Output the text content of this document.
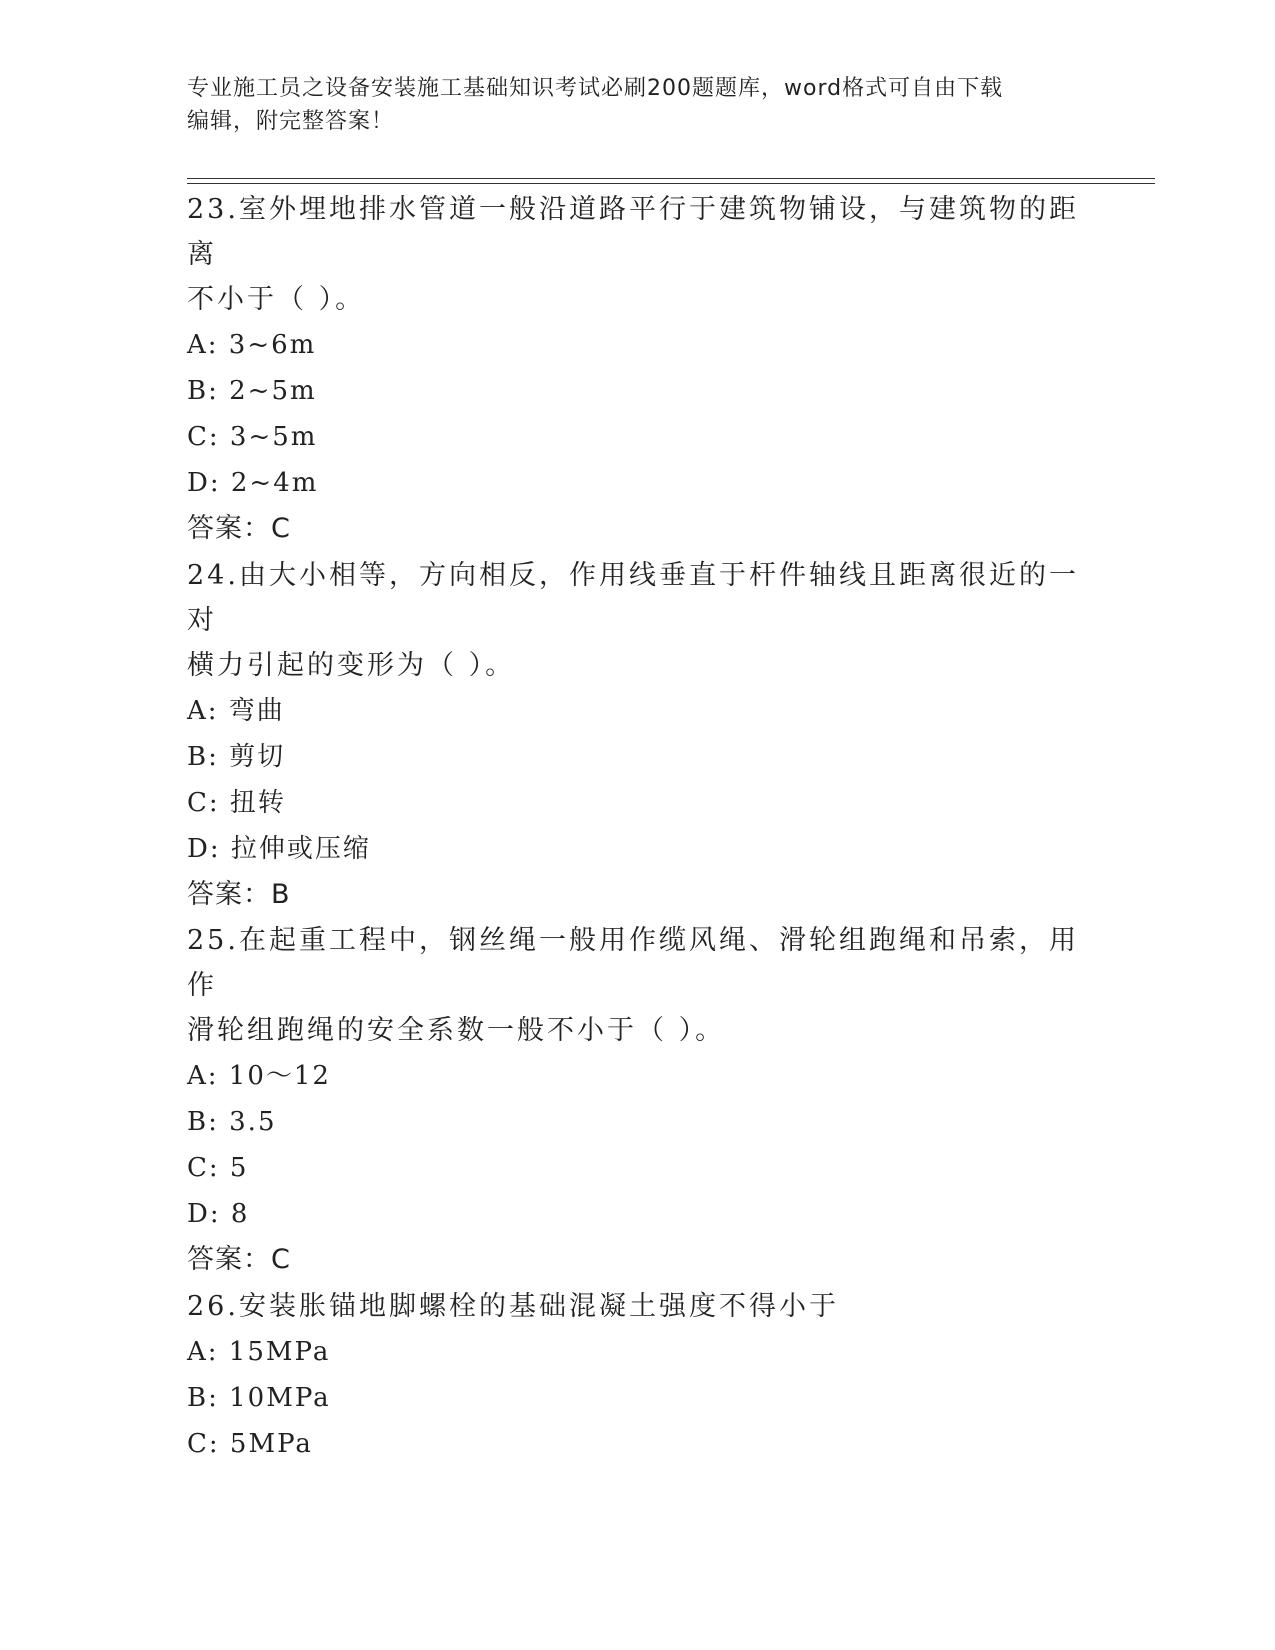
专业施工员之设备安装施工基础知识考试必刷200题题库，word格式可自由下载
编辑，附完整答案！

23.室外埋地排水管道一般沿道路平行于建筑物铺设，与建筑物的距离

不小于（ ）。

A: 3~6m

B: 2~5m

C: 3~5m

D: 2~4m

答案：C

24.由大小相等，方向相反，作用线垂直于杆件轴线且距离很近的一对

横力引起的变形为（ ）。

A: 弯曲

B: 剪切

C: 扭转

D: 拉伸或压缩

答案：B

25.在起重工程中，钢丝绳一般用作缆风绳、滑轮组跑绳和吊索，用作

滑轮组跑绳的安全系数一般不小于（ ）。

A: 10～12

B: 3.5

C: 5

D: 8

答案：C

26.安装胀锚地脚螺栓的基础混凝土强度不得小于

A: 15MPa

B: 10MPa

C: 5MPa
